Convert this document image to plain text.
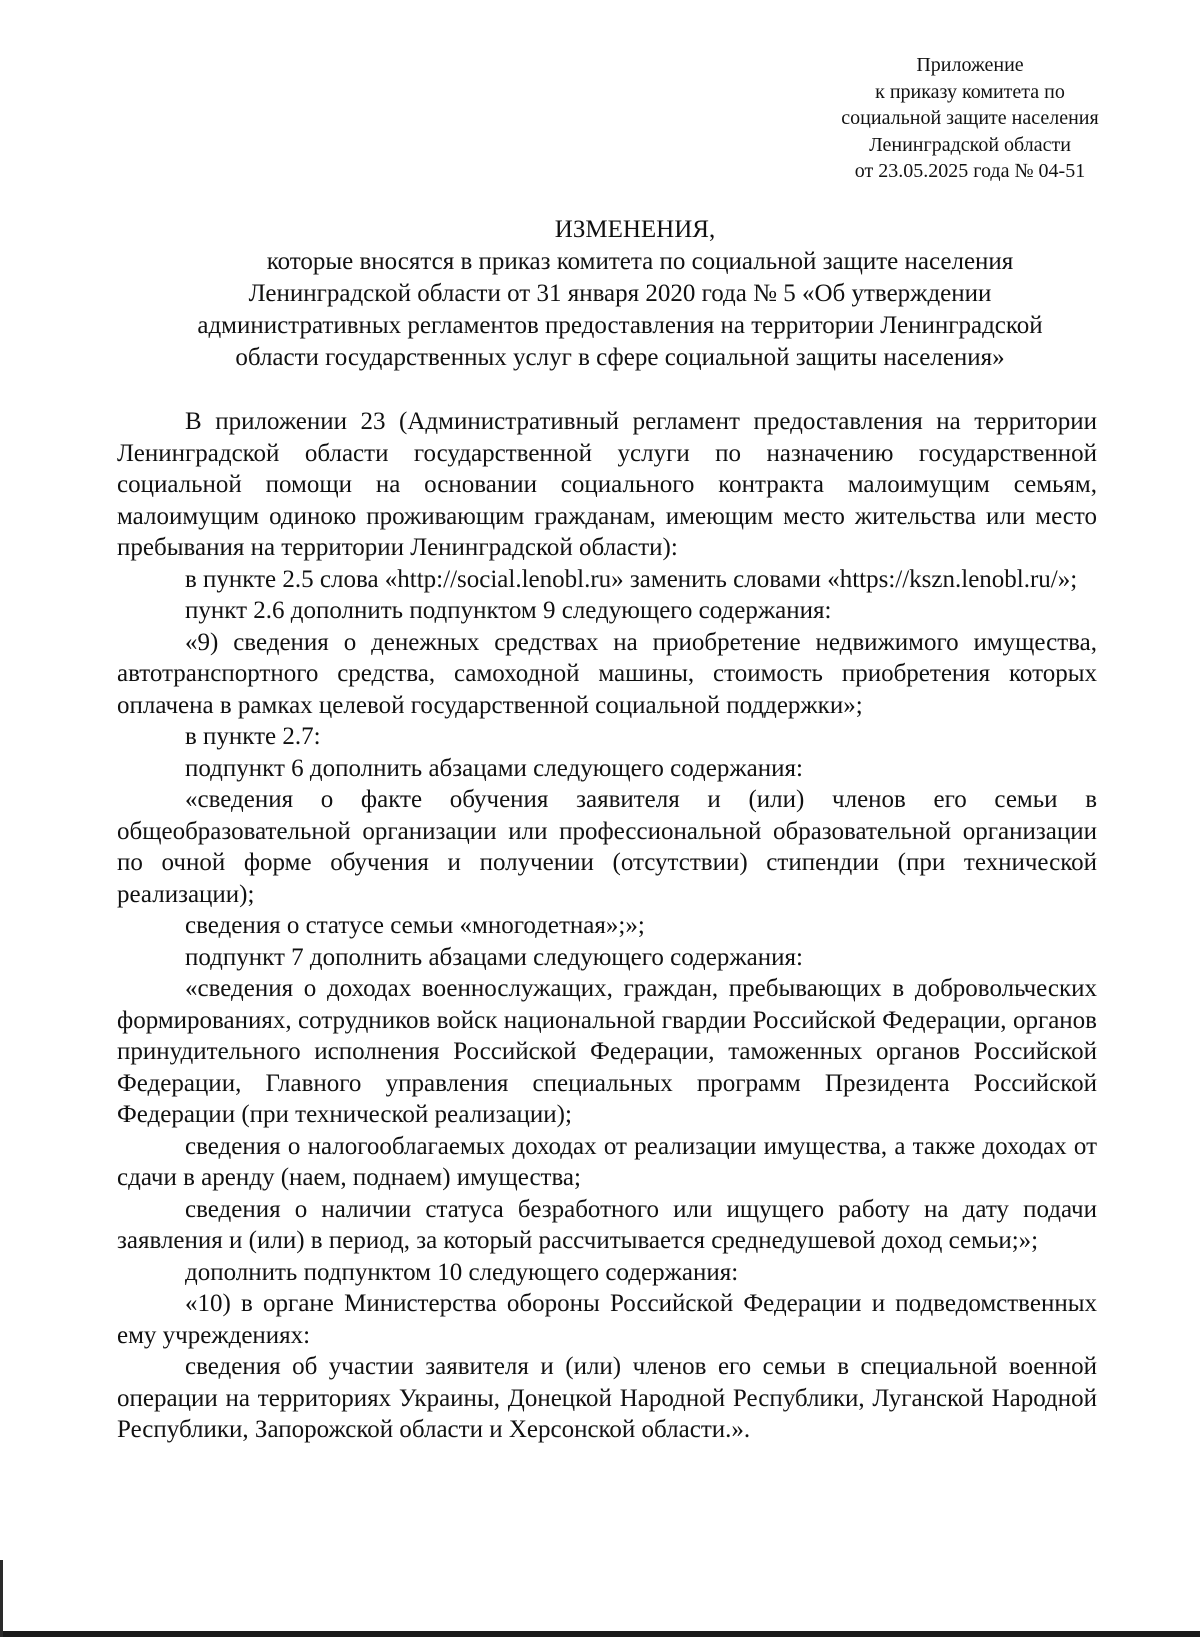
Приложение
к приказу комитета по
социальной защите населения
Ленинградской области
от 23.05.2025 года № 04-51
ИЗМЕНЕНИЯ,
которые вносятся в приказ комитета по социальной защите населения
Ленинградской области от 31 января 2020 года № 5 «Об утверждении
административных регламентов предоставления на территории Ленинградской
области государственных услуг в сфере социальной защиты населения»

В приложении 23 (Административный регламент предоставления на территории Ленинградской области государственной услуги по назначению государственной социальной помощи на основании социального контракта малоимущим семьям, малоимущим одиноко проживающим гражданам, имеющим место жительства или место пребывания на территории Ленинградской области):

в пункте 2.5 слова «http://social.lenobl.ru» заменить словами «https://kszn.lenobl.ru/»;

пункт 2.6 дополнить подпунктом 9 следующего содержания:

«9) сведения о денежных средствах на приобретение недвижимого имущества, автотранспортного средства, самоходной машины, стоимость приобретения которых оплачена в рамках целевой государственной социальной поддержки»;

в пункте 2.7:

подпункт 6 дополнить абзацами следующего содержания:

«сведения о факте обучения заявителя и (или) членов его семьи в общеобразовательной организации или профессиональной образовательной организации по очной форме обучения и получении (отсутствии) стипендии (при технической реализации);

сведения о статусе семьи «многодетная»;»;

подпункт 7 дополнить абзацами следующего содержания:

«сведения о доходах военнослужащих, граждан, пребывающих в добровольческих формированиях, сотрудников войск национальной гвардии Российской Федерации, органов принудительного исполнения Российской Федерации, таможенных органов Российской Федерации, Главного управления специальных программ Президента Российской Федерации (при технической реализации);

сведения о налогооблагаемых доходах от реализации имущества, а также доходах от сдачи в аренду (наем, поднаем) имущества;

сведения о наличии статуса безработного или ищущего работу на дату подачи заявления и (или) в период, за который рассчитывается среднедушевой доход семьи;»;

дополнить подпунктом 10 следующего содержания:

«10) в органе Министерства обороны Российской Федерации и подведомственных ему учреждениях:

сведения об участии заявителя и (или) членов его семьи в специальной военной операции на территориях Украины, Донецкой Народной Республики, Луганской Народной Республики, Запорожской области и Херсонской области.».
